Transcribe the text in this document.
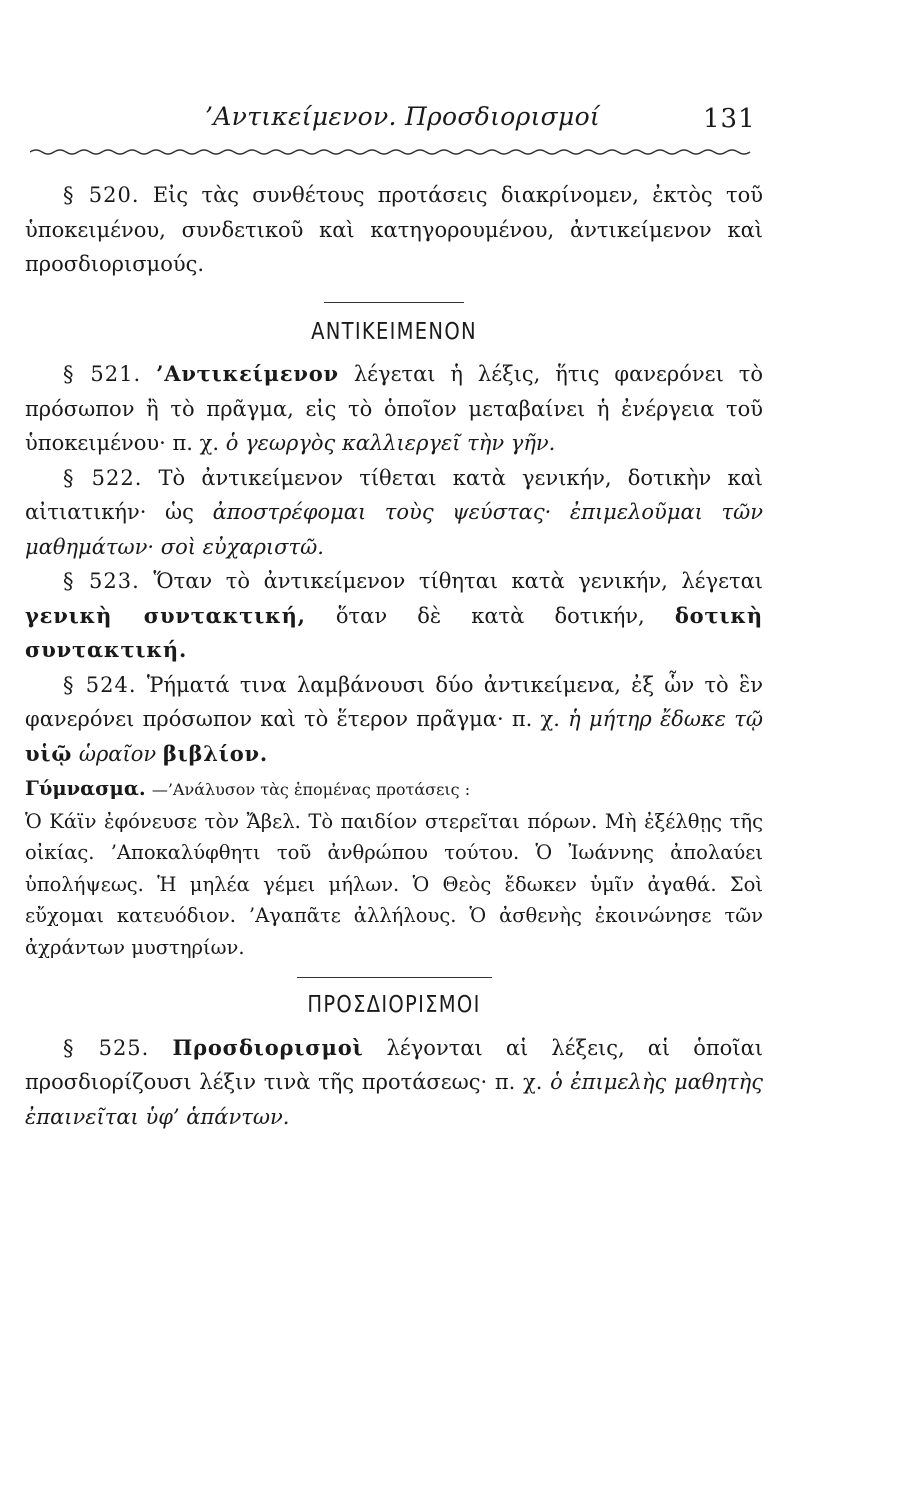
’Αντικείμενον. Προσδιορισμοί	131

§ 520. Εἰς τὰς συνθέτους προτάσεις διακρίνομεν, ἐκτὸς τοῦ ὑποκειμένου, συνδετικοῦ καὶ κατηγορουμένου, ἀντικείμενον καὶ προσδιορισμούς.

ΑΝΤΙΚΕΙΜΕΝΟΝ

§ 521. ’Αντικείμενον λέγεται ἡ λέξις, ἥτις φανερόνει τὸ πρόσωπον ἢ τὸ πρᾶγμα, εἰς τὸ ὁποῖον μεταβαίνει ἡ ἐνέργεια τοῦ ὑποκειμένου· π. χ. ὁ γεωργὸς καλλιεργεῖ τὴν γῆν.

§ 522. Τὸ ἀντικείμενον τίθεται κατὰ γενικήν, δοτικὴν καὶ αἰτιατικήν· ὡς ἀποστρέφομαι τοὺς ψεύστας· ἐπιμελοῦμαι τῶν μαθημάτων· σοὶ εὐχαριστῶ.

§ 523. Ὅταν τὸ ἀντικείμενον τίθηται κατὰ γενικήν, λέγεται γενικὴ συντακτική, ὅταν δὲ κατὰ δοτικήν, δοτικὴ συντακτική.

§ 524. Ῥήματά τινα λαμβάνουσι δύο ἀντικείμενα, ἐξ ὧν τὸ ἓν φανερόνει πρόσωπον καὶ τὸ ἕτερον πρᾶγμα· π. χ. ἡ μήτηρ ἔδωκε τῷ υἱῷ ὡραῖον βιβλίον.

Γύμνασμα. —’Ανάλυσον τὰς ἑπομένας προτάσεις :
Ὁ Κάϊν ἐφόνευσε τὸν Ἄβελ. Τὸ παιδίον στερεῖται πόρων. Μὴ ἐξέλθῃς τῆς οἰκίας. ’Αποκαλύφθητι τοῦ ἀνθρώπου τούτου. Ὁ Ἰωάννης ἀπολαύει ὑπολήψεως. Ἡ μηλέα γέμει μήλων. Ὁ Θεὸς ἔδωκεν ὑμῖν ἀγαθά. Σοὶ εὔχομαι κατευόδιον. ’Αγαπᾶτε ἀλλήλους. Ὁ ἀσθενὴς ἐκοινώνησε τῶν ἀχράντων μυστηρίων.

ΠΡΟΣΔΙΟΡΙΣΜΟΙ

§ 525. Προσδιορισμοὶ λέγονται αἱ λέξεις, αἱ ὁποῖαι προσδιορίζουσι λέξιν τινὰ τῆς προτάσεως· π. χ. ὁ ἐπιμελὴς μαθητὴς ἐπαινεῖται ὑφ’ ἁπάντων.
